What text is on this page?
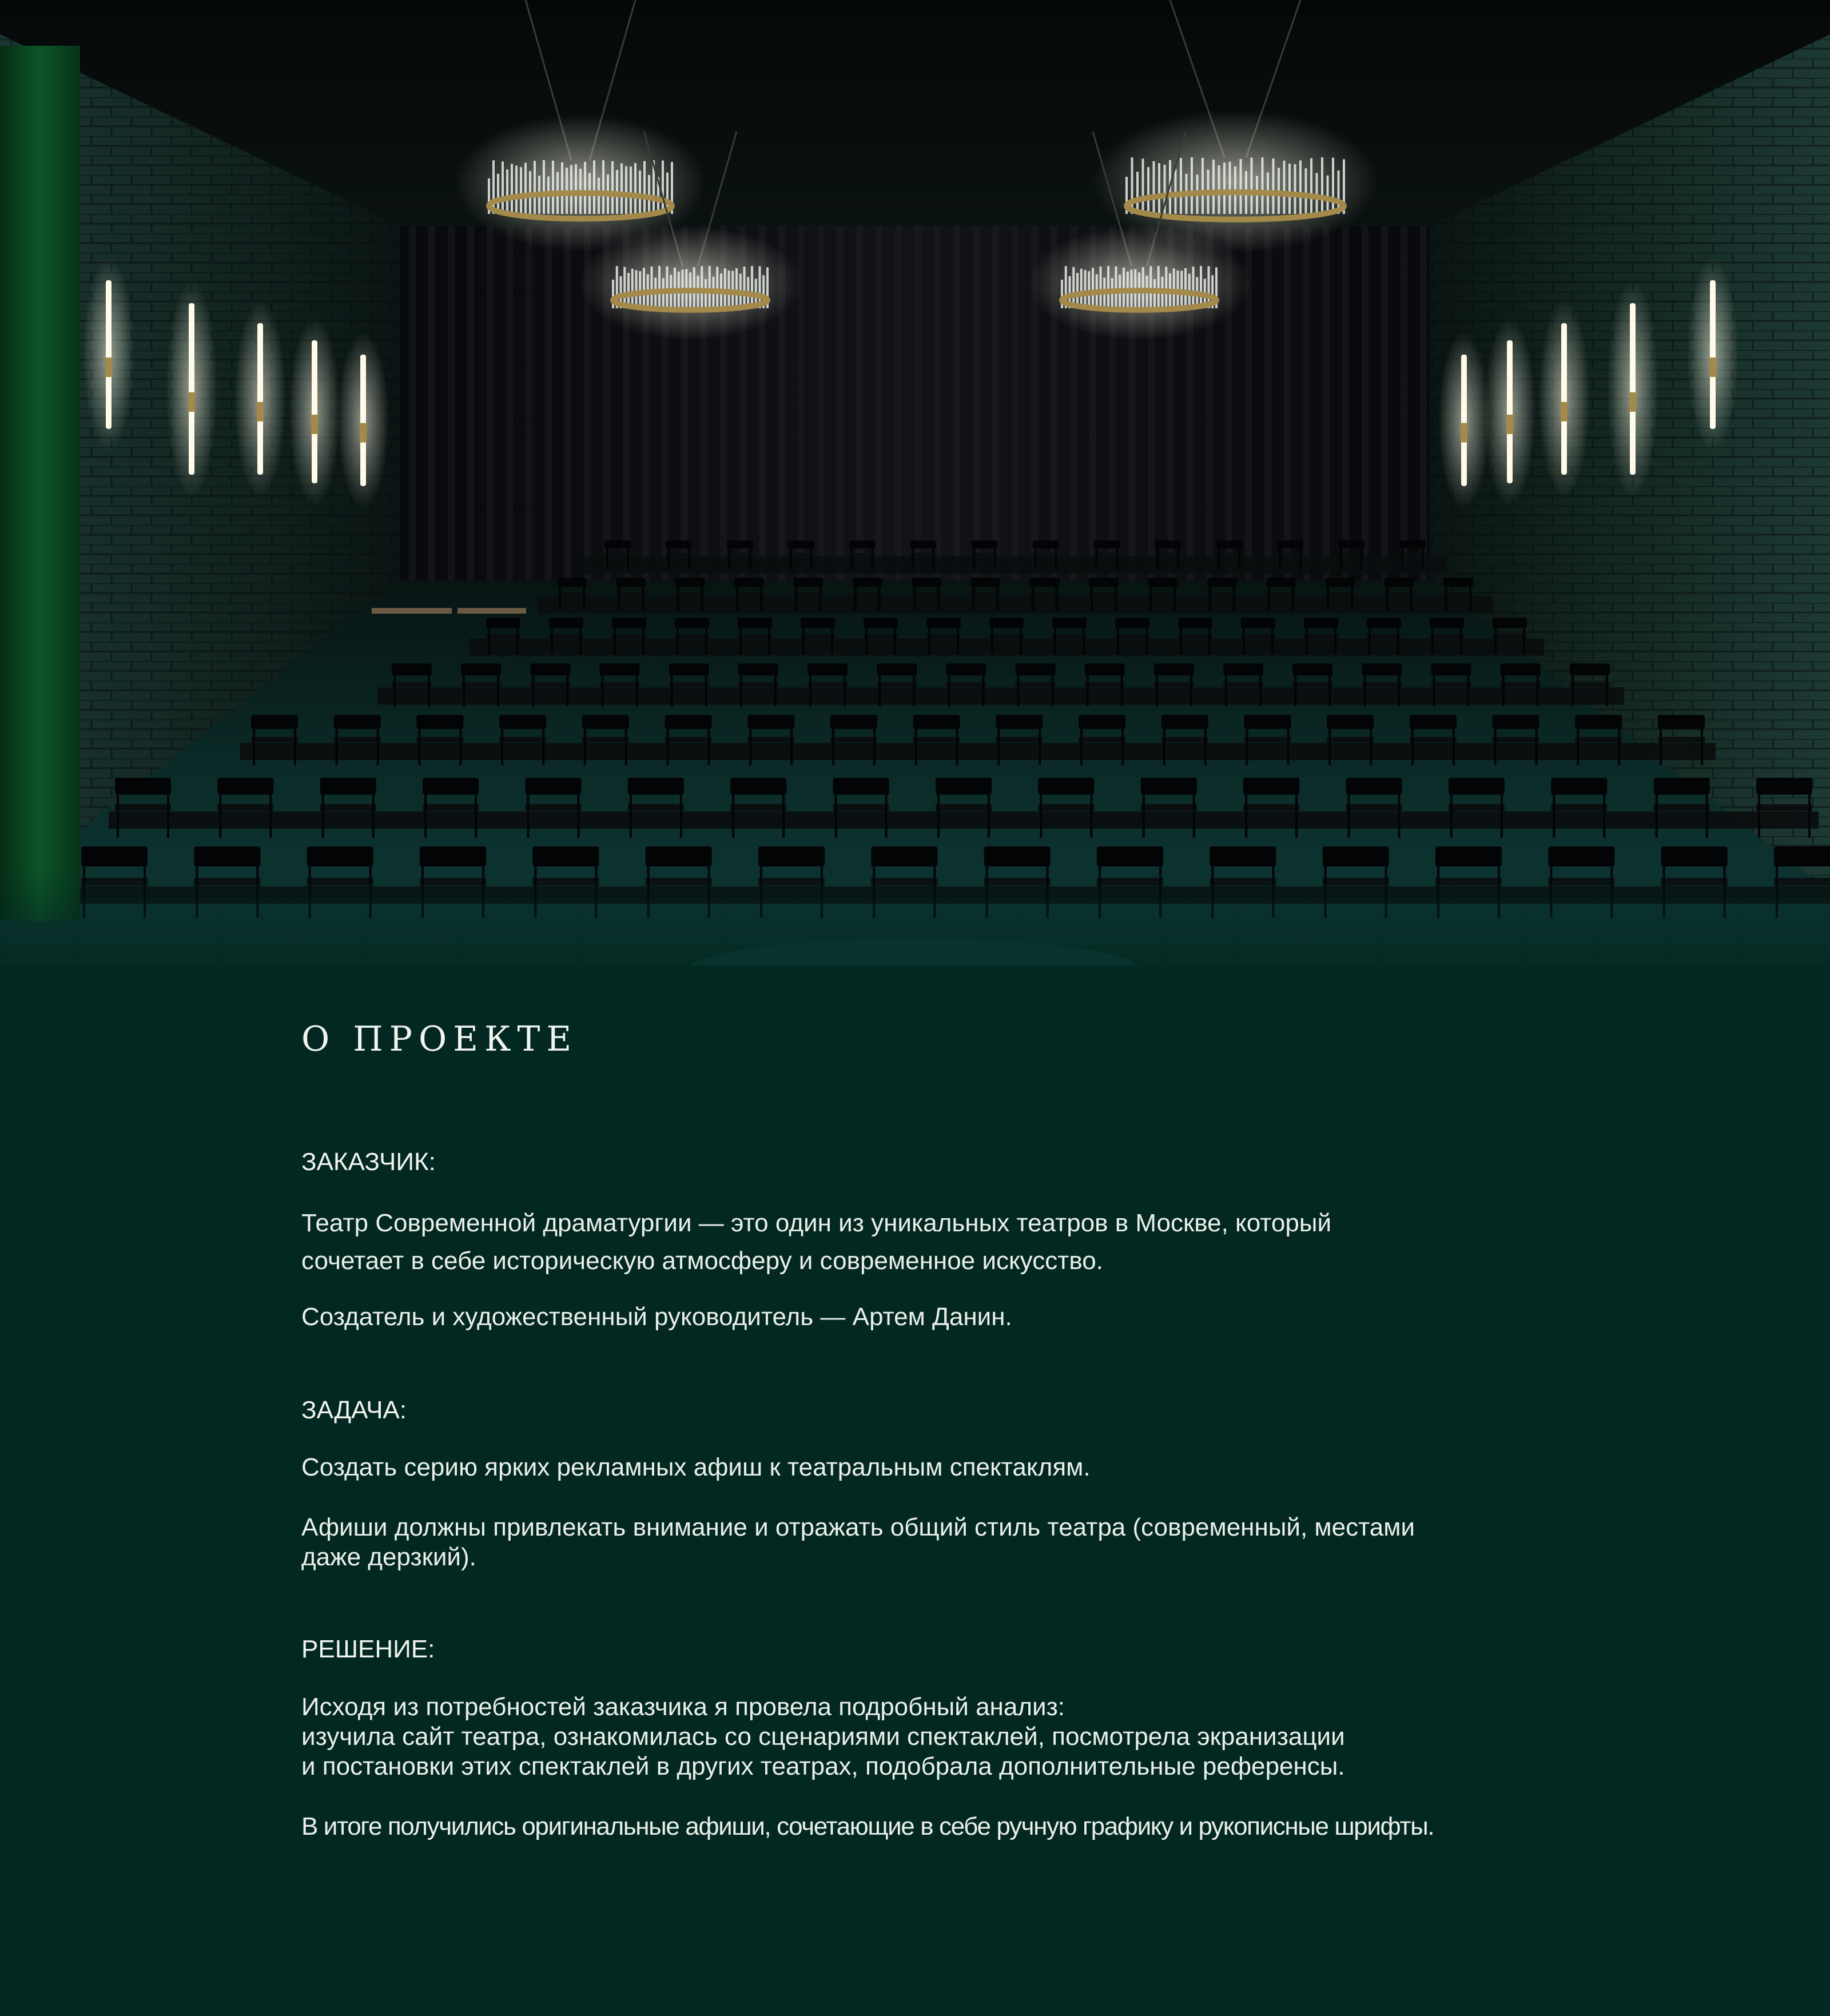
О ПРОЕКТЕ

ЗАКАЗЧИК:

Театр Современной драматургии — это один из уникальных театров в Москве, который

сочетает в себе историческую атмосферу и современное искусство.

Создатель и художественный руководитель — Артем Данин.

ЗАДАЧА:

Создать серию ярких рекламных афиш к театральным спектаклям.

Афиши должны привлекать внимание и отражать общий стиль театра (современный, местами

даже дерзкий).

РЕШЕНИЕ:

Исходя из потребностей заказчика я провела подробный анализ:

изучила сайт театра, ознакомилась со сценариями спектаклей, посмотрела экранизации

и постановки этих спектаклей в других театрах, подобрала дополнительные референсы.

В итоге получились оригинальные афиши, сочетающие в себе ручную графику и рукописные шрифты.
